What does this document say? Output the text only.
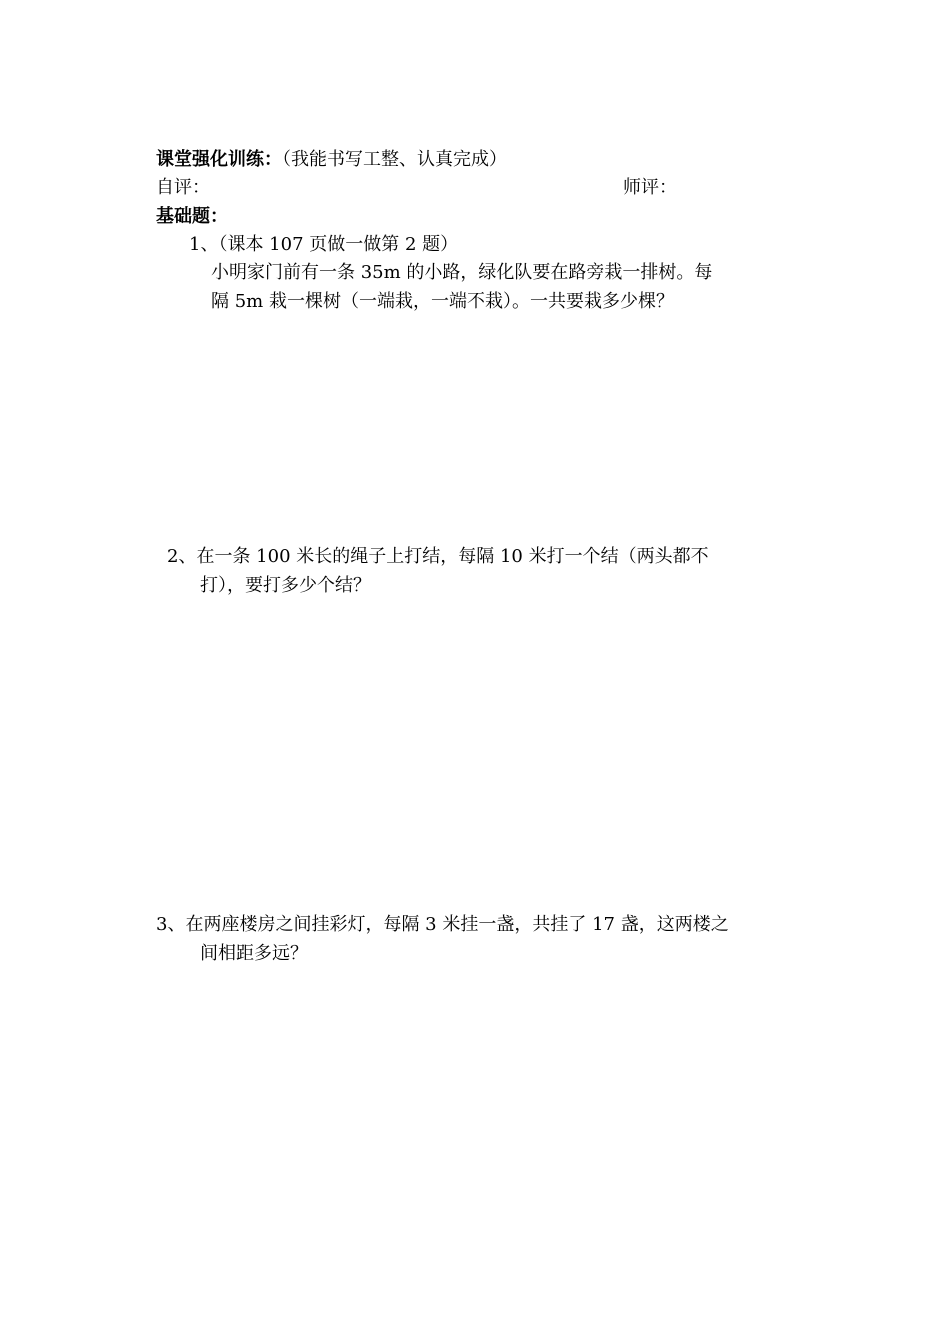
课堂强化训练：（我能书写工整、认真完成）
自评：	师评：
基础题：
1、（课本 107 页做一做第 2 题）
小明家门前有一条 35m 的小路，绿化队要在路旁栽一排树。每
隔 5m 栽一棵树（一端栽，一端不栽）。一共要栽多少棵？
2、在一条 100 米长的绳子上打结，每隔 10 米打一个结（两头都不
打），要打多少个结？
3、在两座楼房之间挂彩灯，每隔 3 米挂一盏，共挂了 17 盏，这两楼之
间相距多远？
